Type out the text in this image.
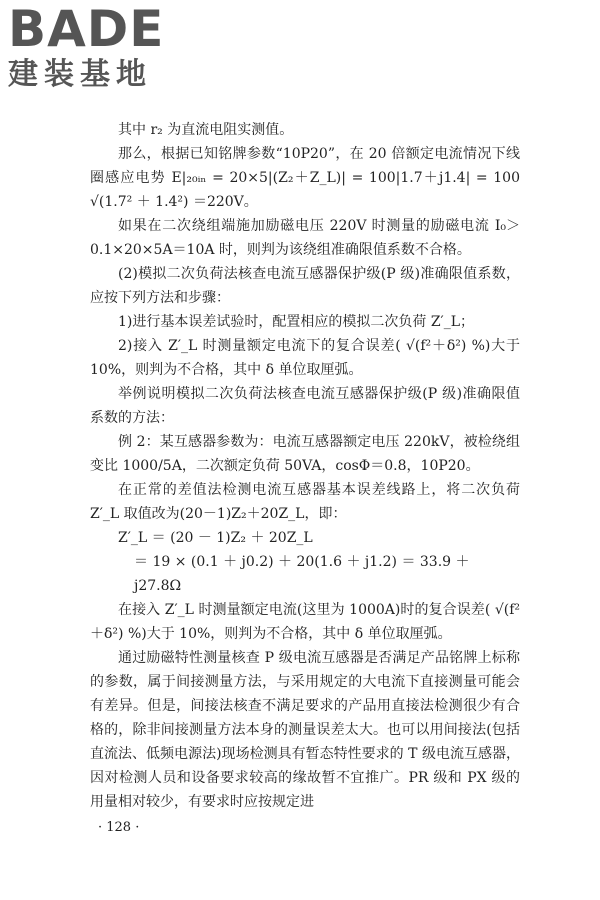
BADE
建装基地

其中 r₂ 为直流电阻实测值。

那么，根据已知铭牌参数“10P20”，在 20 倍额定电流情况下线圈感应电势 E|₂₀ᵢₙ = 20×5|(Z₂＋Z_L)| = 100|1.7＋j1.4| = 100 √(1.7² ＋ 1.4²) ＝220V。

如果在二次绕组端施加励磁电压 220V 时测量的励磁电流 I₀＞0.1×20×5A＝10A 时，则判为该绕组准确限值系数不合格。

(2)模拟二次负荷法核查电流互感器保护级(P 级)准确限值系数，应按下列方法和步骤：

1)进行基本误差试验时，配置相应的模拟二次负荷 Z′_L；

2)接入 Z′_L 时测量额定电流下的复合误差( √(f²＋δ²) %)大于 10%，则判为不合格，其中 δ 单位取厘弧。

举例说明模拟二次负荷法核查电流互感器保护级(P 级)准确限值系数的方法：

例 2：某互感器参数为：电流互感器额定电压 220kV，被检绕组变比 1000/5A，二次额定负荷 50VA，cosΦ＝0.8，10P20。

在正常的差值法检测电流互感器基本误差线路上，将二次负荷 Z′_L 取值改为(20－1)Z₂＋20Z_L，即：

Z′_L ＝ (20 － 1)Z₂ ＋ 20Z_L

＝ 19 × (0.1 ＋ j0.2) ＋ 20(1.6 ＋ j1.2) ＝ 33.9 ＋ j27.8Ω

在接入 Z′_L 时测量额定电流(这里为 1000A)时的复合误差( √(f²＋δ²) %)大于 10%，则判为不合格，其中 δ 单位取厘弧。

通过励磁特性测量核查 P 级电流互感器是否满足产品铭牌上标称的参数，属于间接测量方法，与采用规定的大电流下直接测量可能会有差异。但是，间接法核查不满足要求的产品用直接法检测很少有合格的，除非间接测量方法本身的测量误差太大。也可以用间接法(包括直流法、低频电源法)现场检测具有暂态特性要求的 T 级电流互感器，因对检测人员和设备要求较高的缘故暂不宜推广。PR 级和 PX 级的用量相对较少，有要求时应按规定进

· 128 ·
